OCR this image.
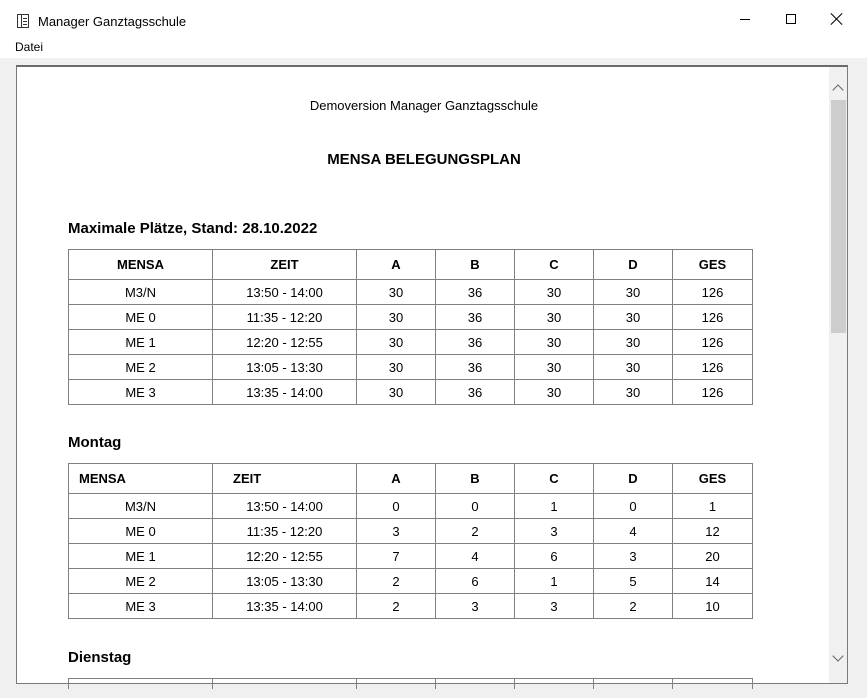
Manager Ganztagsschule
Datei
Demoversion Manager Ganztagsschule
MENSA BELEGUNGSPLAN
Maximale Plätze, Stand: 28.10.2022
MENSA	ZEIT	A	B	C	D	GES
M3/N	13:50 - 14:00	30	36	30	30	126
ME 0	11:35 - 12:20	30	36	30	30	126
ME 1	12:20 - 12:55	30	36	30	30	126
ME 2	13:05 - 13:30	30	36	30	30	126
ME 3	13:35 - 14:00	30	36	30	30	126
Montag
MENSA	ZEIT	A	B	C	D	GES
M3/N	13:50 - 14:00	0	0	1	0	1
ME 0	11:35 - 12:20	3	2	3	4	12
ME 1	12:20 - 12:55	7	4	6	3	20
ME 2	13:05 - 13:30	2	6	1	5	14
ME 3	13:35 - 14:00	2	3	3	2	10
Dienstag
